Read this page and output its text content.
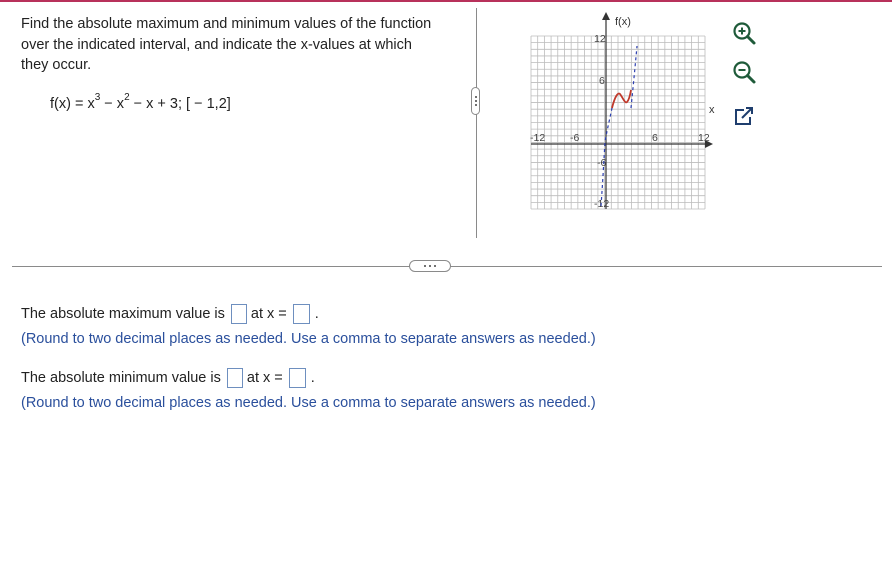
Find the absolute maximum and minimum values of the function over the indicated interval, and indicate the x-values at which they occur.
$f(x) = x^3 - x^2 - x + 3$; [ − 1,2]
-12 -6	6	12
12
6
-6
-12
f(x)
x
The absolute maximum value is at x = .
(Round to two decimal places as needed. Use a comma to separate answers as needed.)
The absolute minimum value is at x = .
(Round to two decimal places as needed. Use a comma to separate answers as needed.)
